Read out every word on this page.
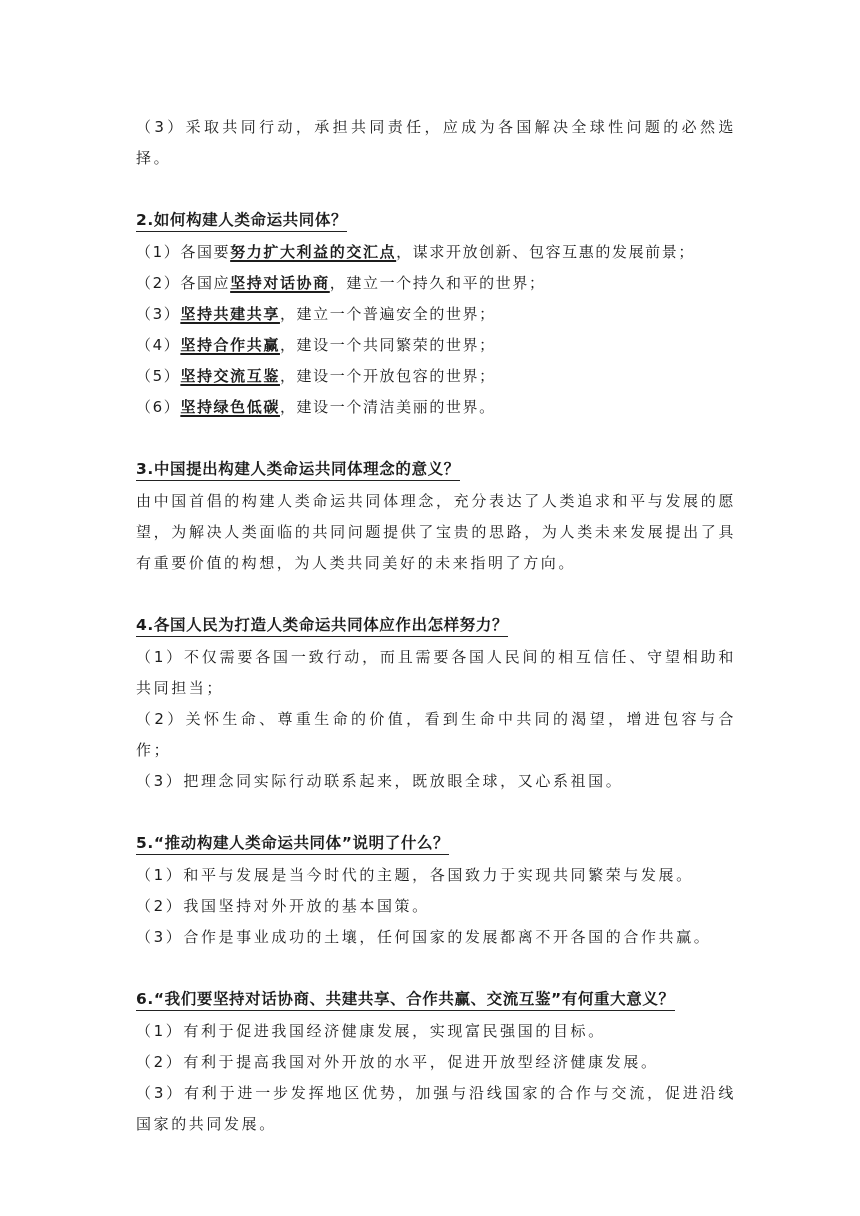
（3）采取共同行动，承担共同责任，应成为各国解决全球性问题的必然选择。

2.如何构建人类命运共同体？

（1）各国要努力扩大利益的交汇点，谋求开放创新、包容互惠的发展前景；

（2）各国应坚持对话协商，建立一个持久和平的世界；

（3）坚持共建共享，建立一个普遍安全的世界；

（4）坚持合作共赢，建设一个共同繁荣的世界；

（5）坚持交流互鉴，建设一个开放包容的世界；

（6）坚持绿色低碳，建设一个清洁美丽的世界。

3.中国提出构建人类命运共同体理念的意义？

由中国首倡的构建人类命运共同体理念，充分表达了人类追求和平与发展的愿望，为解决人类面临的共同问题提供了宝贵的思路，为人类未来发展提出了具有重要价值的构想，为人类共同美好的未来指明了方向。

4.各国人民为打造人类命运共同体应作出怎样努力？

（1）不仅需要各国一致行动，而且需要各国人民间的相互信任、守望相助和共同担当；

（2）关怀生命、尊重生命的价值，看到生命中共同的渴望，增进包容与合作；

（3）把理念同实际行动联系起来，既放眼全球，又心系祖国。

5.“推动构建人类命运共同体”说明了什么？

（1）和平与发展是当今时代的主题，各国致力于实现共同繁荣与发展。

（2）我国坚持对外开放的基本国策。

（3）合作是事业成功的土壤，任何国家的发展都离不开各国的合作共赢。

6.“我们要坚持对话协商、共建共享、合作共赢、交流互鉴”有何重大意义？

（1）有利于促进我国经济健康发展，实现富民强国的目标。

（2）有利于提高我国对外开放的水平，促进开放型经济健康发展。

（3）有利于进一步发挥地区优势，加强与沿线国家的合作与交流，促进沿线国家的共同发展。
